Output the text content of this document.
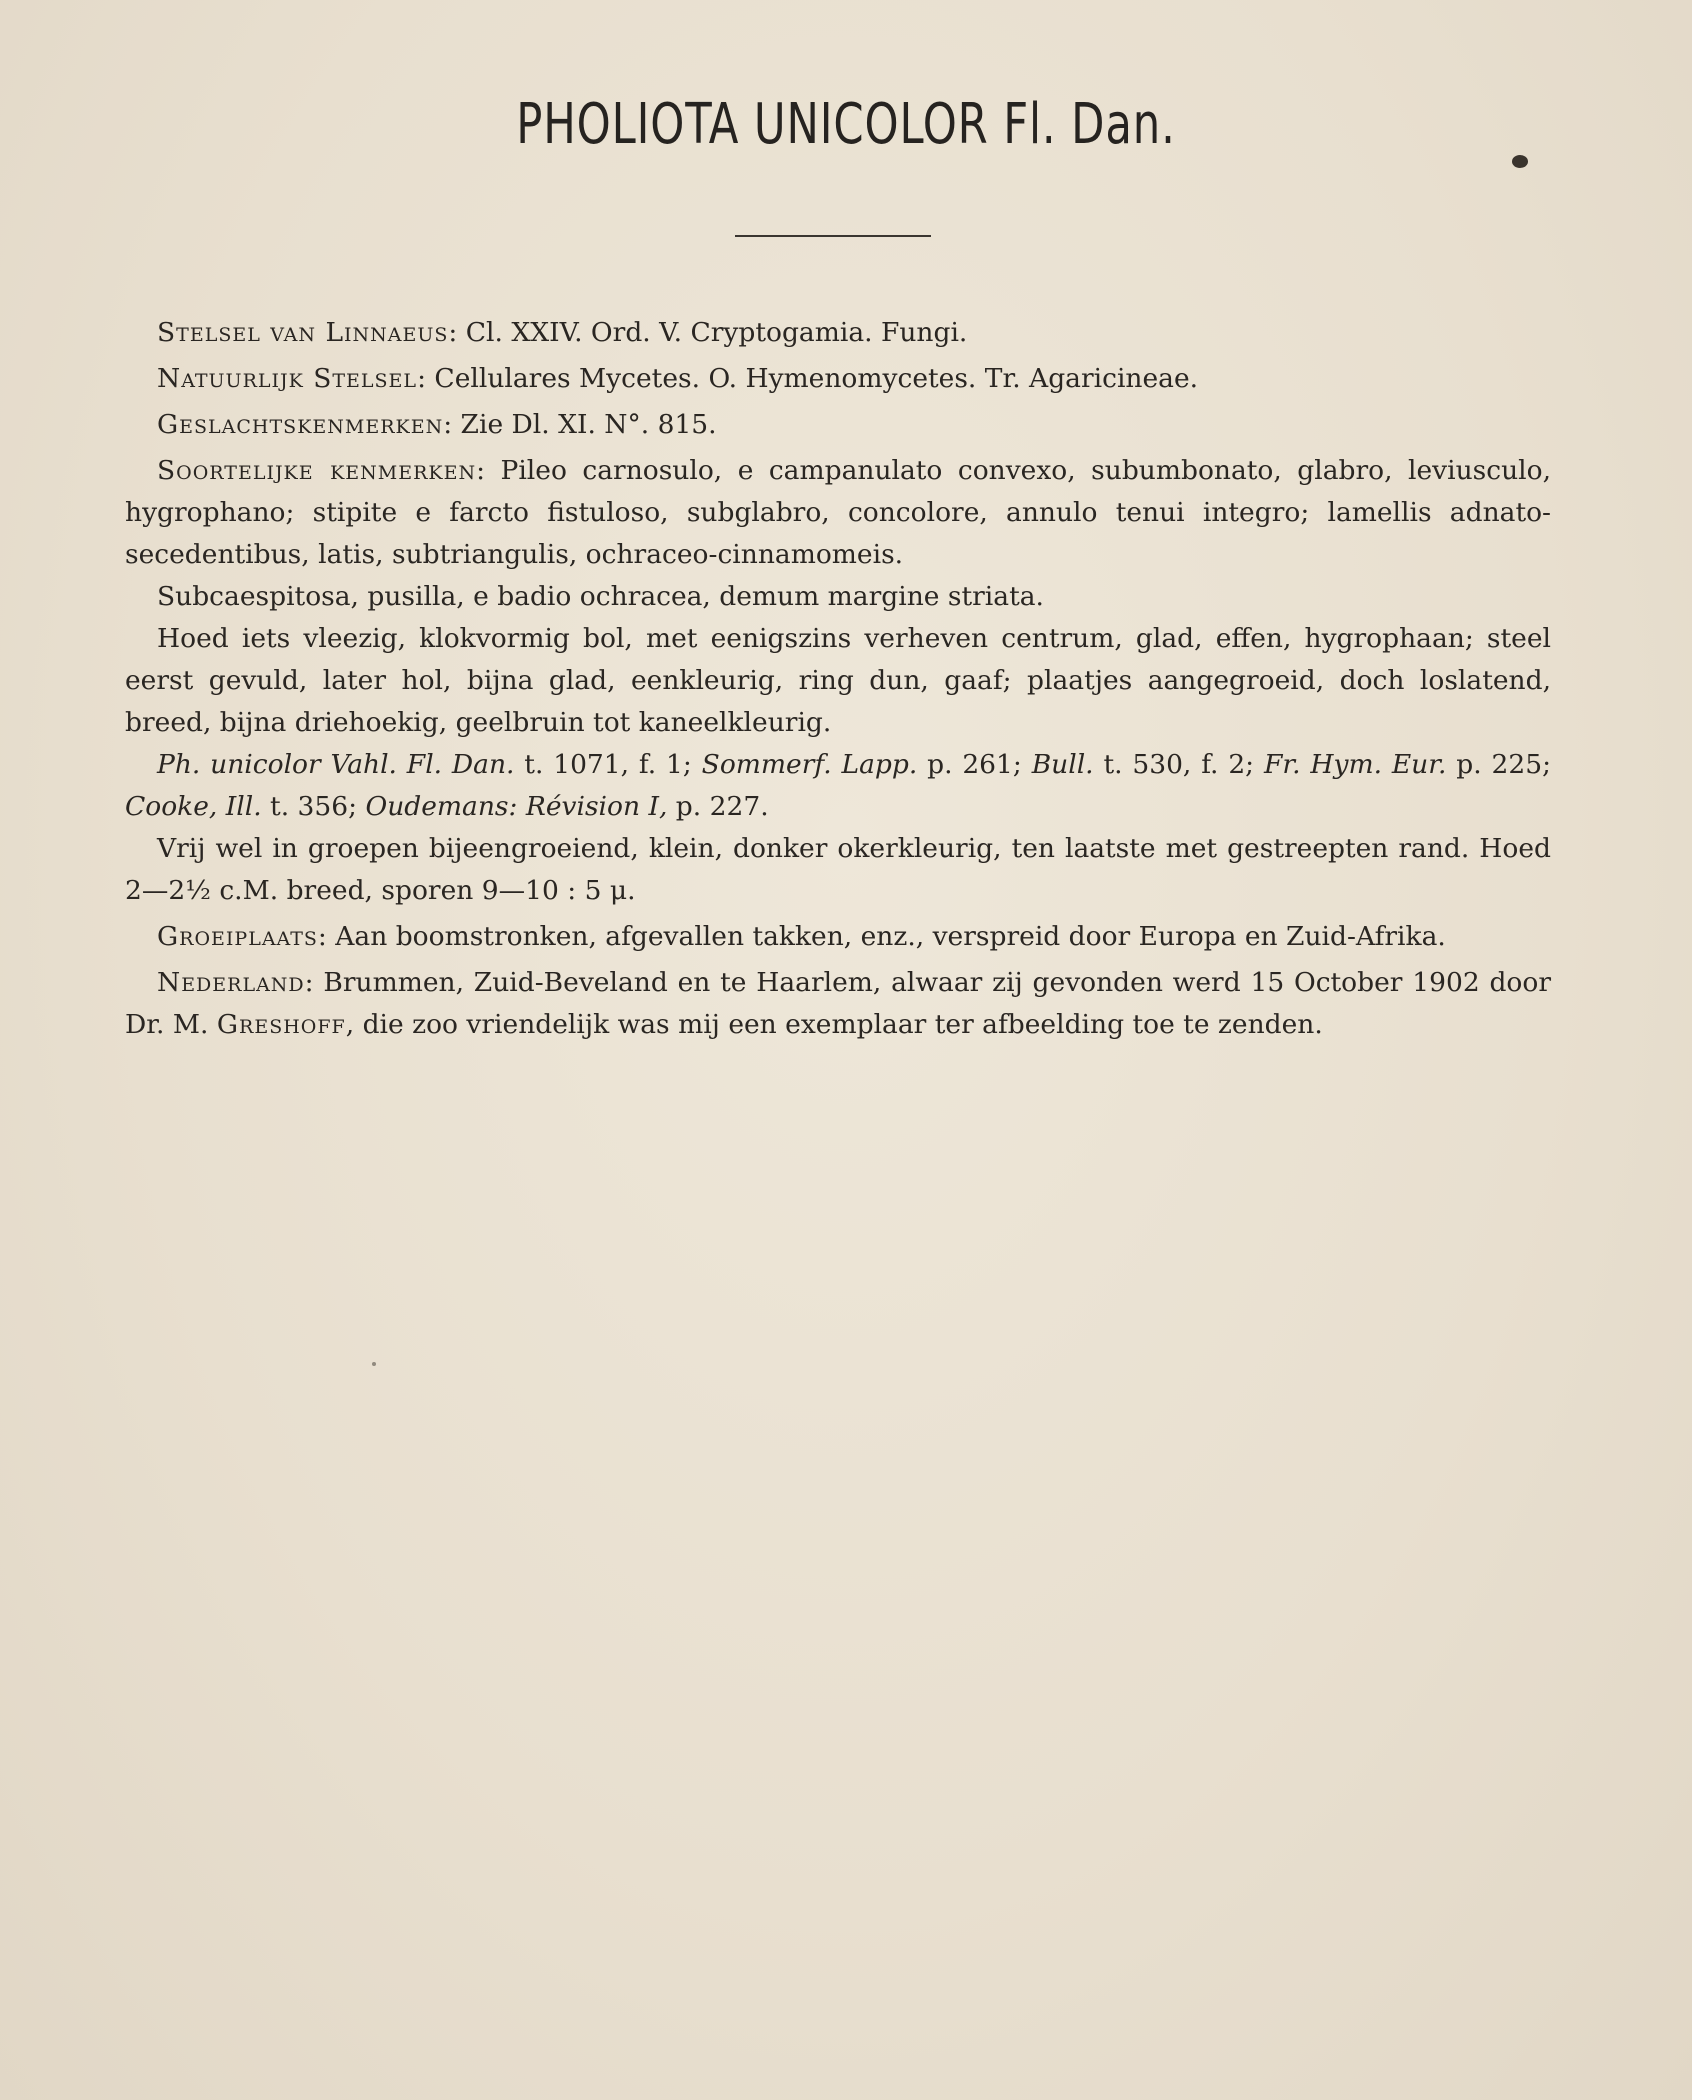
PHOLIOTA UNICOLOR Fl. Dan.

Stelsel van Linnaeus: Cl. XXIV. Ord. V. Cryptogamia. Fungi.

Natuurlijk Stelsel: Cellulares Mycetes. O. Hymenomycetes. Tr. Agaricineae.

Geslachtskenmerken: Zie Dl. XI. N°. 815.

Soortelijke kenmerken: Pileo carnosulo, e campanulato convexo, subumbonato, glabro, leviusculo, hygrophano; stipite e farcto fistuloso, subglabro, concolore, annulo tenui integro; lamellis adnato-secedentibus, latis, subtriangulis, ochraceo-cinnamomeis.

Subcaespitosa, pusilla, e badio ochracea, demum margine striata.

Hoed iets vleezig, klokvormig bol, met eenigszins verheven centrum, glad, effen, hygrophaan; steel eerst gevuld, later hol, bijna glad, eenkleurig, ring dun, gaaf; plaatjes aangegroeid, doch loslatend, breed, bijna driehoekig, geelbruin tot kaneelkleurig.

Ph. unicolor Vahl. Fl. Dan. t. 1071, f. 1; Sommerf. Lapp. p. 261; Bull. t. 530, f. 2; Fr. Hym. Eur. p. 225; Cooke, Ill. t. 356; Oudemans: Révision I, p. 227.

Vrij wel in groepen bijeengroeiend, klein, donker okerkleurig, ten laatste met gestreepten rand. Hoed 2—2½ c.M. breed, sporen 9—10 : 5 μ.

Groeiplaats: Aan boomstronken, afgevallen takken, enz., verspreid door Europa en Zuid-Afrika.

Nederland: Brummen, Zuid-Beveland en te Haarlem, alwaar zij gevonden werd 15 October 1902 door Dr. M. Greshoff, die zoo vriendelijk was mij een exemplaar ter afbeelding toe te zenden.
